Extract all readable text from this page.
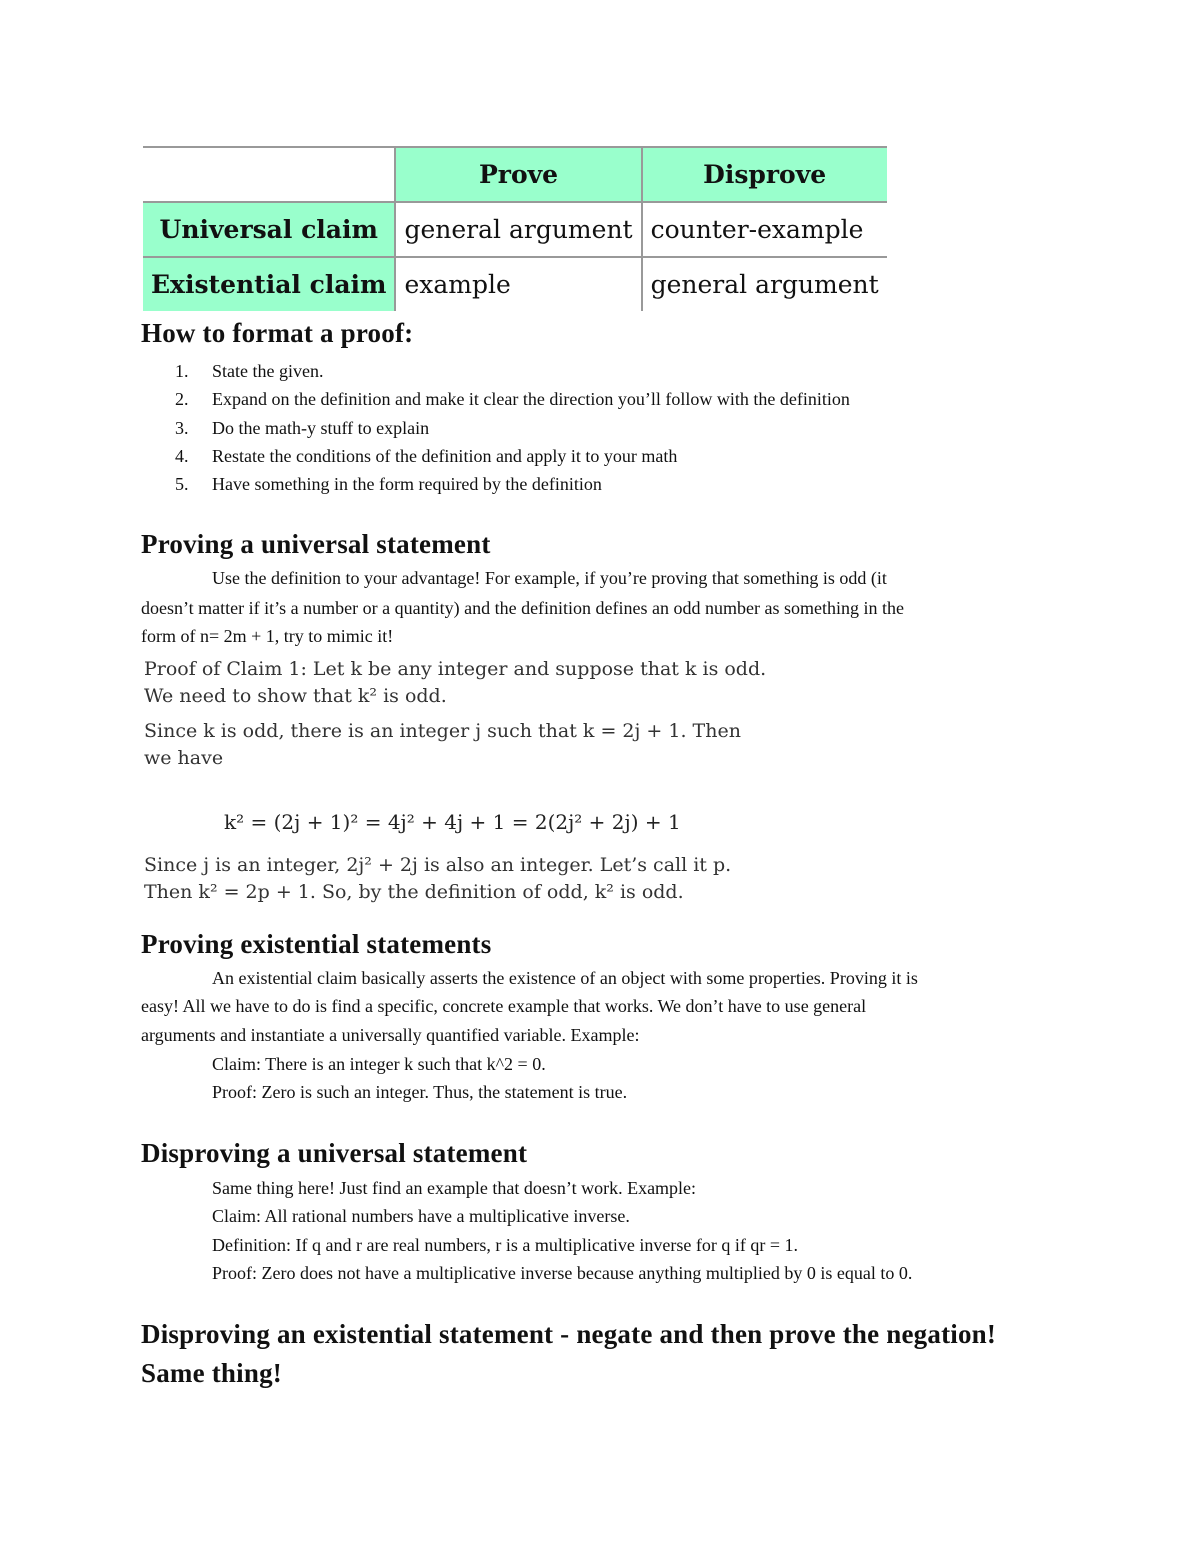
	Prove	Disprove
Universal claim	general argument	counter-example
Existential claim	example	general argument
How to format a proof:
1. State the given.
2. Expand on the definition and make it clear the direction you’ll follow with the definition
3. Do the math-y stuff to explain
4. Restate the conditions of the definition and apply it to your math
5. Have something in the form required by the definition
Proving a universal statement

Use the definition to your advantage! For example, if you’re proving that something is odd (it

doesn’t matter if it’s a number or a quantity) and the definition defines an odd number as something in the

form of n= 2m + 1, try to mimic it!

Proof of Claim 1: Let k be any integer and suppose that k is odd.
We need to show that k² is odd.
Since k is odd, there is an integer j such that k = 2j + 1. Then
we have
k² = (2j + 1)² = 4j² + 4j + 1 = 2(2j² + 2j) + 1
Since j is an integer, 2j² + 2j is also an integer. Let’s call it p.
Then k² = 2p + 1. So, by the definition of odd, k² is odd.
Proving existential statements

An existential claim basically asserts the existence of an object with some properties. Proving it is

easy! All we have to do is find a specific, concrete example that works. We don’t have to use general

arguments and instantiate a universally quantified variable. Example:

Claim: There is an integer k such that k^2 = 0.

Proof: Zero is such an integer. Thus, the statement is true.

Disproving a universal statement

Same thing here! Just find an example that doesn’t work. Example:

Claim: All rational numbers have a multiplicative inverse.

Definition: If q and r are real numbers, r is a multiplicative inverse for q if qr = 1.

Proof: Zero does not have a multiplicative inverse because anything multiplied by 0 is equal to 0.

Disproving an existential statement - negate and then prove the negation!
Same thing!
